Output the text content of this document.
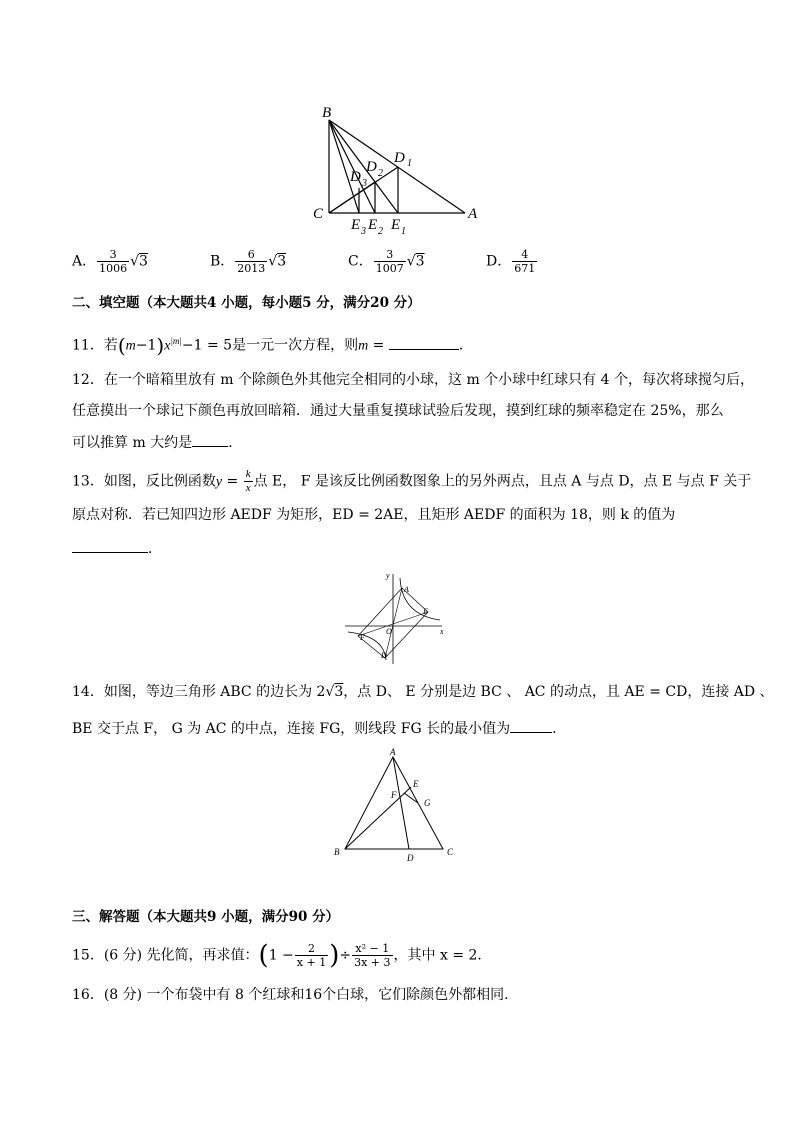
B
C	A
D 1
D 2
D 3
E 3 E 2 E 1
A． $\frac{3}{1006} √3$	B． $\frac{6}{2013} √3$	C． $\frac{3}{1007} √3$	D． $\frac{4}{671}$
二、填空题（本大题共4 小题，每小题5 分，满分20 分）
11．若$(m-1)x^{|m|}-1 = 5$是一元一次方程，则m =	．
12．在一个暗箱里放有 m 个除颜色外其他完全相同的小球，这 m 个小球中红球只有 4 个，每次将球搅匀后，
任意摸出一个球记下颜色再放回暗箱．通过大量重复摸球试验后发现，摸到红球的频率稳定在 25%，那么
可以推算 m 大约是	．
13．如图，反比例函数$y = \frac{k}{x}$ 点 E， F 是该反比例函数图象上的另外两点，且点 A 与点 D，点 E 与点 F 关于
原点对称．若已知四边形 AEDF 为矩形，ED = 2AE，且矩形 AEDF 的面积为 18，则 k 的值为
．
y
x
O
A
E
F
D
14．如图，等边三角形 ABC 的边长为 2√3，点 D、 E 分别是边 BC 、 AC 的动点，且 AE = CD，连接 AD 、
BE 交于点 F， G 为 AC 的中点，连接 FG，则线段 FG 长的最小值为	．
A
B	C
D
E
F
G
三、解答题（本大题共9 小题，满分90 分）
15．(6 分) 先化简，再求值：($1 - \frac{2}{x + 1}$ )÷ $\frac{\text{x² − 1}}{3x + 3}$ ，其中 x = 2．
16．(8 分) 一个布袋中有 8 个红球和16个白球，它们除颜色外都相同．
